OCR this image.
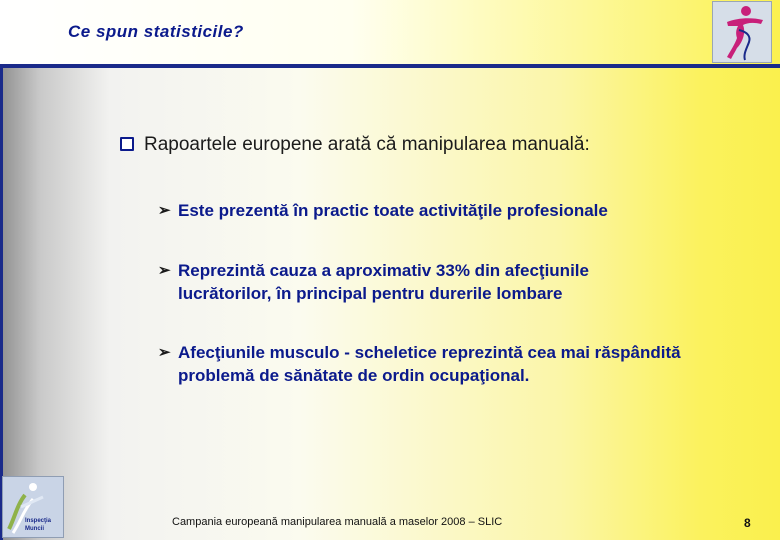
Ce spun statisticile?
Rapoartele europene arată că manipularea manuală:
➢ Este prezentă în practic toate activităţile profesionale
➢ Reprezintă cauza a aproximativ 33% din afecţiunile lucrătorilor, în principal pentru durerile lombare
➢ Afecţiunile musculo - scheletice reprezintă cea mai răspândită problemă de sănătate de ordin ocupaţional.
Inspecţia
Muncii
Campania europeană manipularea manuală a maselor 2008 – SLIC	8
